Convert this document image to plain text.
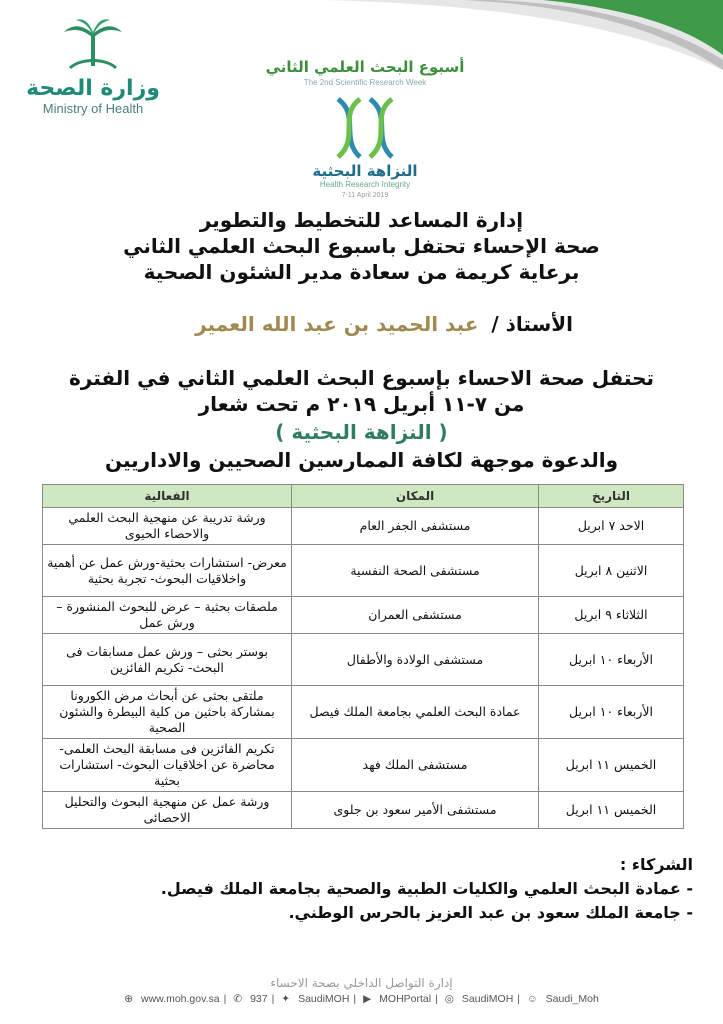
وزارة الصحة
Ministry of Health
أسبوع البحث العلمي الثاني
The 2nd Scientific Research Week
النزاهة البحثية
Health Research Integrity
7-11 April 2019
إدارة المساعد للتخطيط والتطوير
صحة الإحساء تحتفل باسبوع البحث العلمي الثاني
برعاية كريمة من سعادة مدير الشئون الصحية
الأستاذ / عبد الحميد بن عبد الله العمير
تحتفل صحة الاحساء بإسبوع البحث العلمي الثاني في الفترة
من ٧-١١ أبريل ٢٠١٩ م تحت شعار
( النزاهة البحثية )
والدعوة موجهة لكافة الممارسين الصحيين والاداريين
التاريخ	المكان	الفعالية
الاحد ٧ ابريل	مستشفى الجفر العام	ورشة تدريبة عن منهجية البحث العلمي والاحصاء الحيوى
الاثنين ٨ ابريل	مستشفى الصحة النفسية	معرض- استشارات بحثية-ورش عمل عن أهمية واخلاقيات البحوث- تجربة بحثية
الثلاثاء ٩ ابريل	مستشفى العمران	ملصقات بحثية – عرض للبحوث المنشورة –ورش عمل
الأربعاء ١٠ ابريل	مستشفى الولادة والأطفال	بوستر بحثى – ورش عمل مسابقات فى البحث- تكريم الفائزين
الأربعاء ١٠ ابريل	عمادة البحث العلمي بجامعة الملك فيصل	ملتقى بحثى عن أبحاث مرض الكورونا بمشاركة باحثين من كلية البيطرة والشئون الصحية
الخميس ١١ ابريل	مستشفى الملك فهد	تكريم الفائزين فى مسابقة البحث العلمى-محاضرة عن اخلاقيات البحوث- استشارات بحثية
الخميس ١١ ابريل	مستشفى الأمير سعود بن جلوى	ورشة عمل عن منهجية البحوث والتحليل الاحصائى
الشركاء :
- عمادة البحث العلمي والكليات الطبية والصحية بجامعة الملك فيصل.
- جامعة الملك سعود بن عبد العزيز بالحرس الوطني.
إدارة التواصل الداخلي بصحة الاحساء
⊕ www.moh.gov.sa | ✆ 937 | ✦ SaudiMOH | ▶ MOHPortal | ◎ SaudiMOH | ☺ Saudi_Moh
